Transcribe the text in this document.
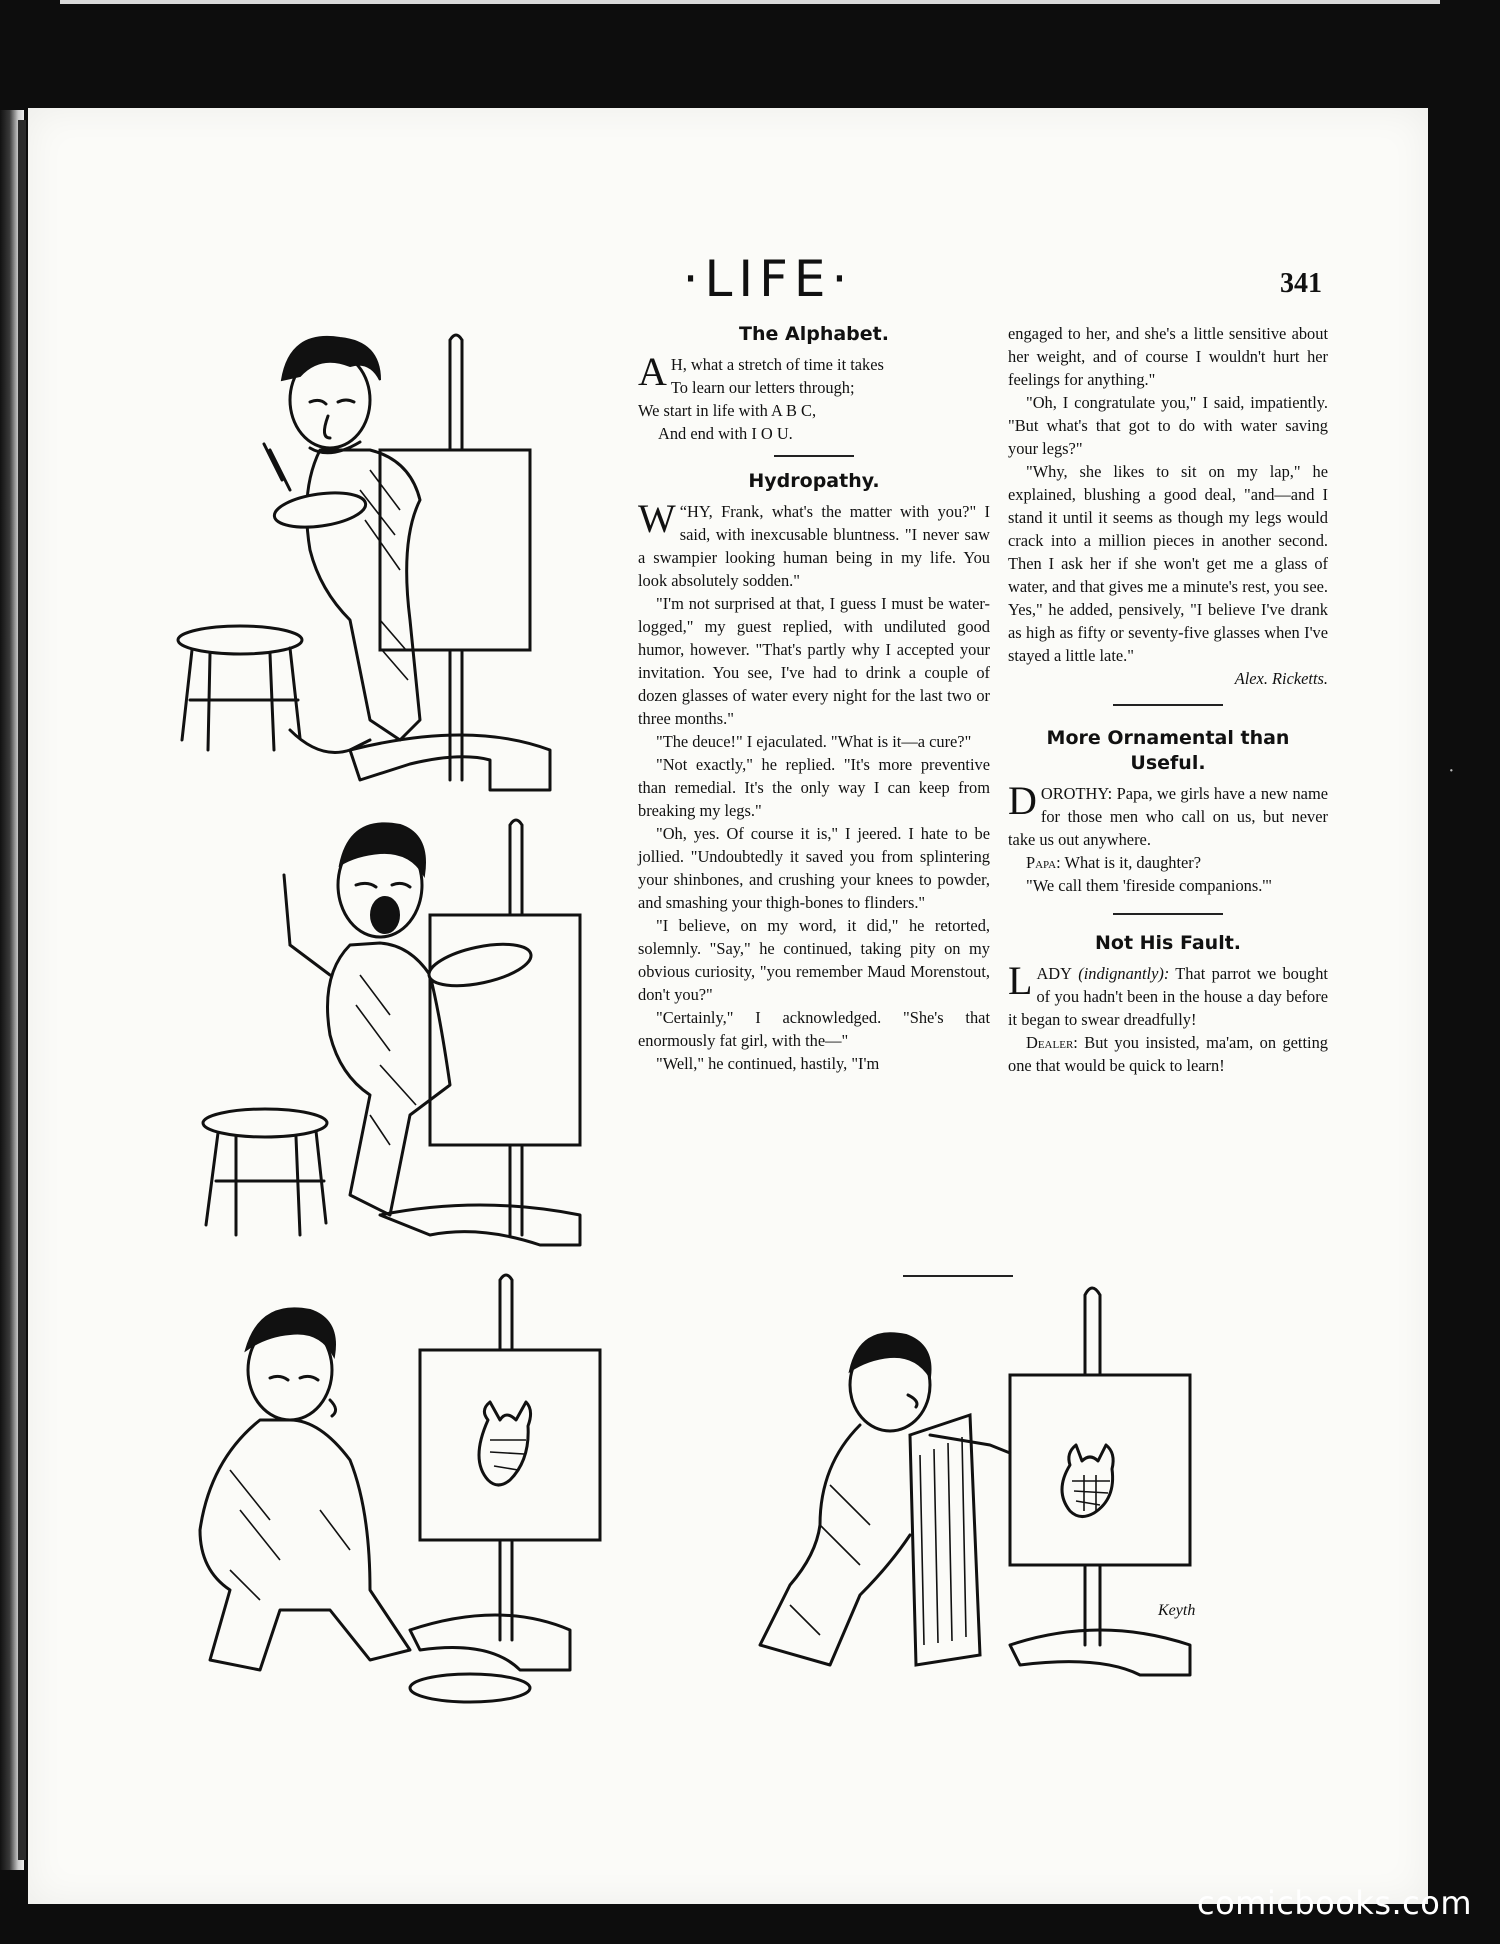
·
·LIFE·	341
The Alphabet.
A H, what a stretch of time it takes
To learn our letters through;
We start in life with A B C,
And end with I O U.
Hydropathy.

“
W HY, Frank, what's the matter with you?" I said, with inexcusable bluntness. "I never saw a swampier looking human being in my life. You look absolutely sodden."

"I'm not surprised at that, I guess I must be water-logged," my guest replied, with undiluted good humor, however. "That's partly why I accepted your invitation. You see, I've had to drink a couple of dozen glasses of water every night for the last two or three months."

"The deuce!" I ejaculated. "What is it—a cure?"

"Not exactly," he replied. "It's more preventive than remedial. It's the only way I can keep from breaking my legs."

"Oh, yes. Of course it is," I jeered. I hate to be jollied. "Undoubtedly it saved you from splintering your shinbones, and crushing your knees to powder, and smashing your thigh-bones to flinders."

"I believe, on my word, it did," he retorted, solemnly. "Say," he continued, taking pity on my obvious curiosity, "you remember Maud Morenstout, don't you?"

"Certainly," I acknowledged. "She's that enormously fat girl, with the—"

"Well," he continued, hastily, "I'm

engaged to her, and she's a little sensitive about her weight, and of course I wouldn't hurt her feelings for anything."

"Oh, I congratulate you," I said, impatiently. "But what's that got to do with water saving your legs?"

"Why, she likes to sit on my lap," he explained, blushing a good deal, "and—and I stand it until it seems as though my legs would crack into a million pieces in another second. Then I ask her if she won't get me a glass of water, and that gives me a minute's rest, you see. Yes," he added, pensively, "I believe I've drank as high as fifty or seventy-five glasses when I've stayed a little late."

Alex. Ricketts.
More Ornamental than
Useful.

DOROTHY: Papa, we girls have a new name for those men who call on us, but never take us out anywhere.

Papa: What is it, daughter?

"We call them 'fireside companions.'"

Not His Fault.

LADY (indignantly): That parrot we bought of you hadn't been in the house a day before it began to swear dreadfully!

Dealer: But you insisted, ma'am, on getting one that would be quick to learn!

Keyth
comicbooks.com
